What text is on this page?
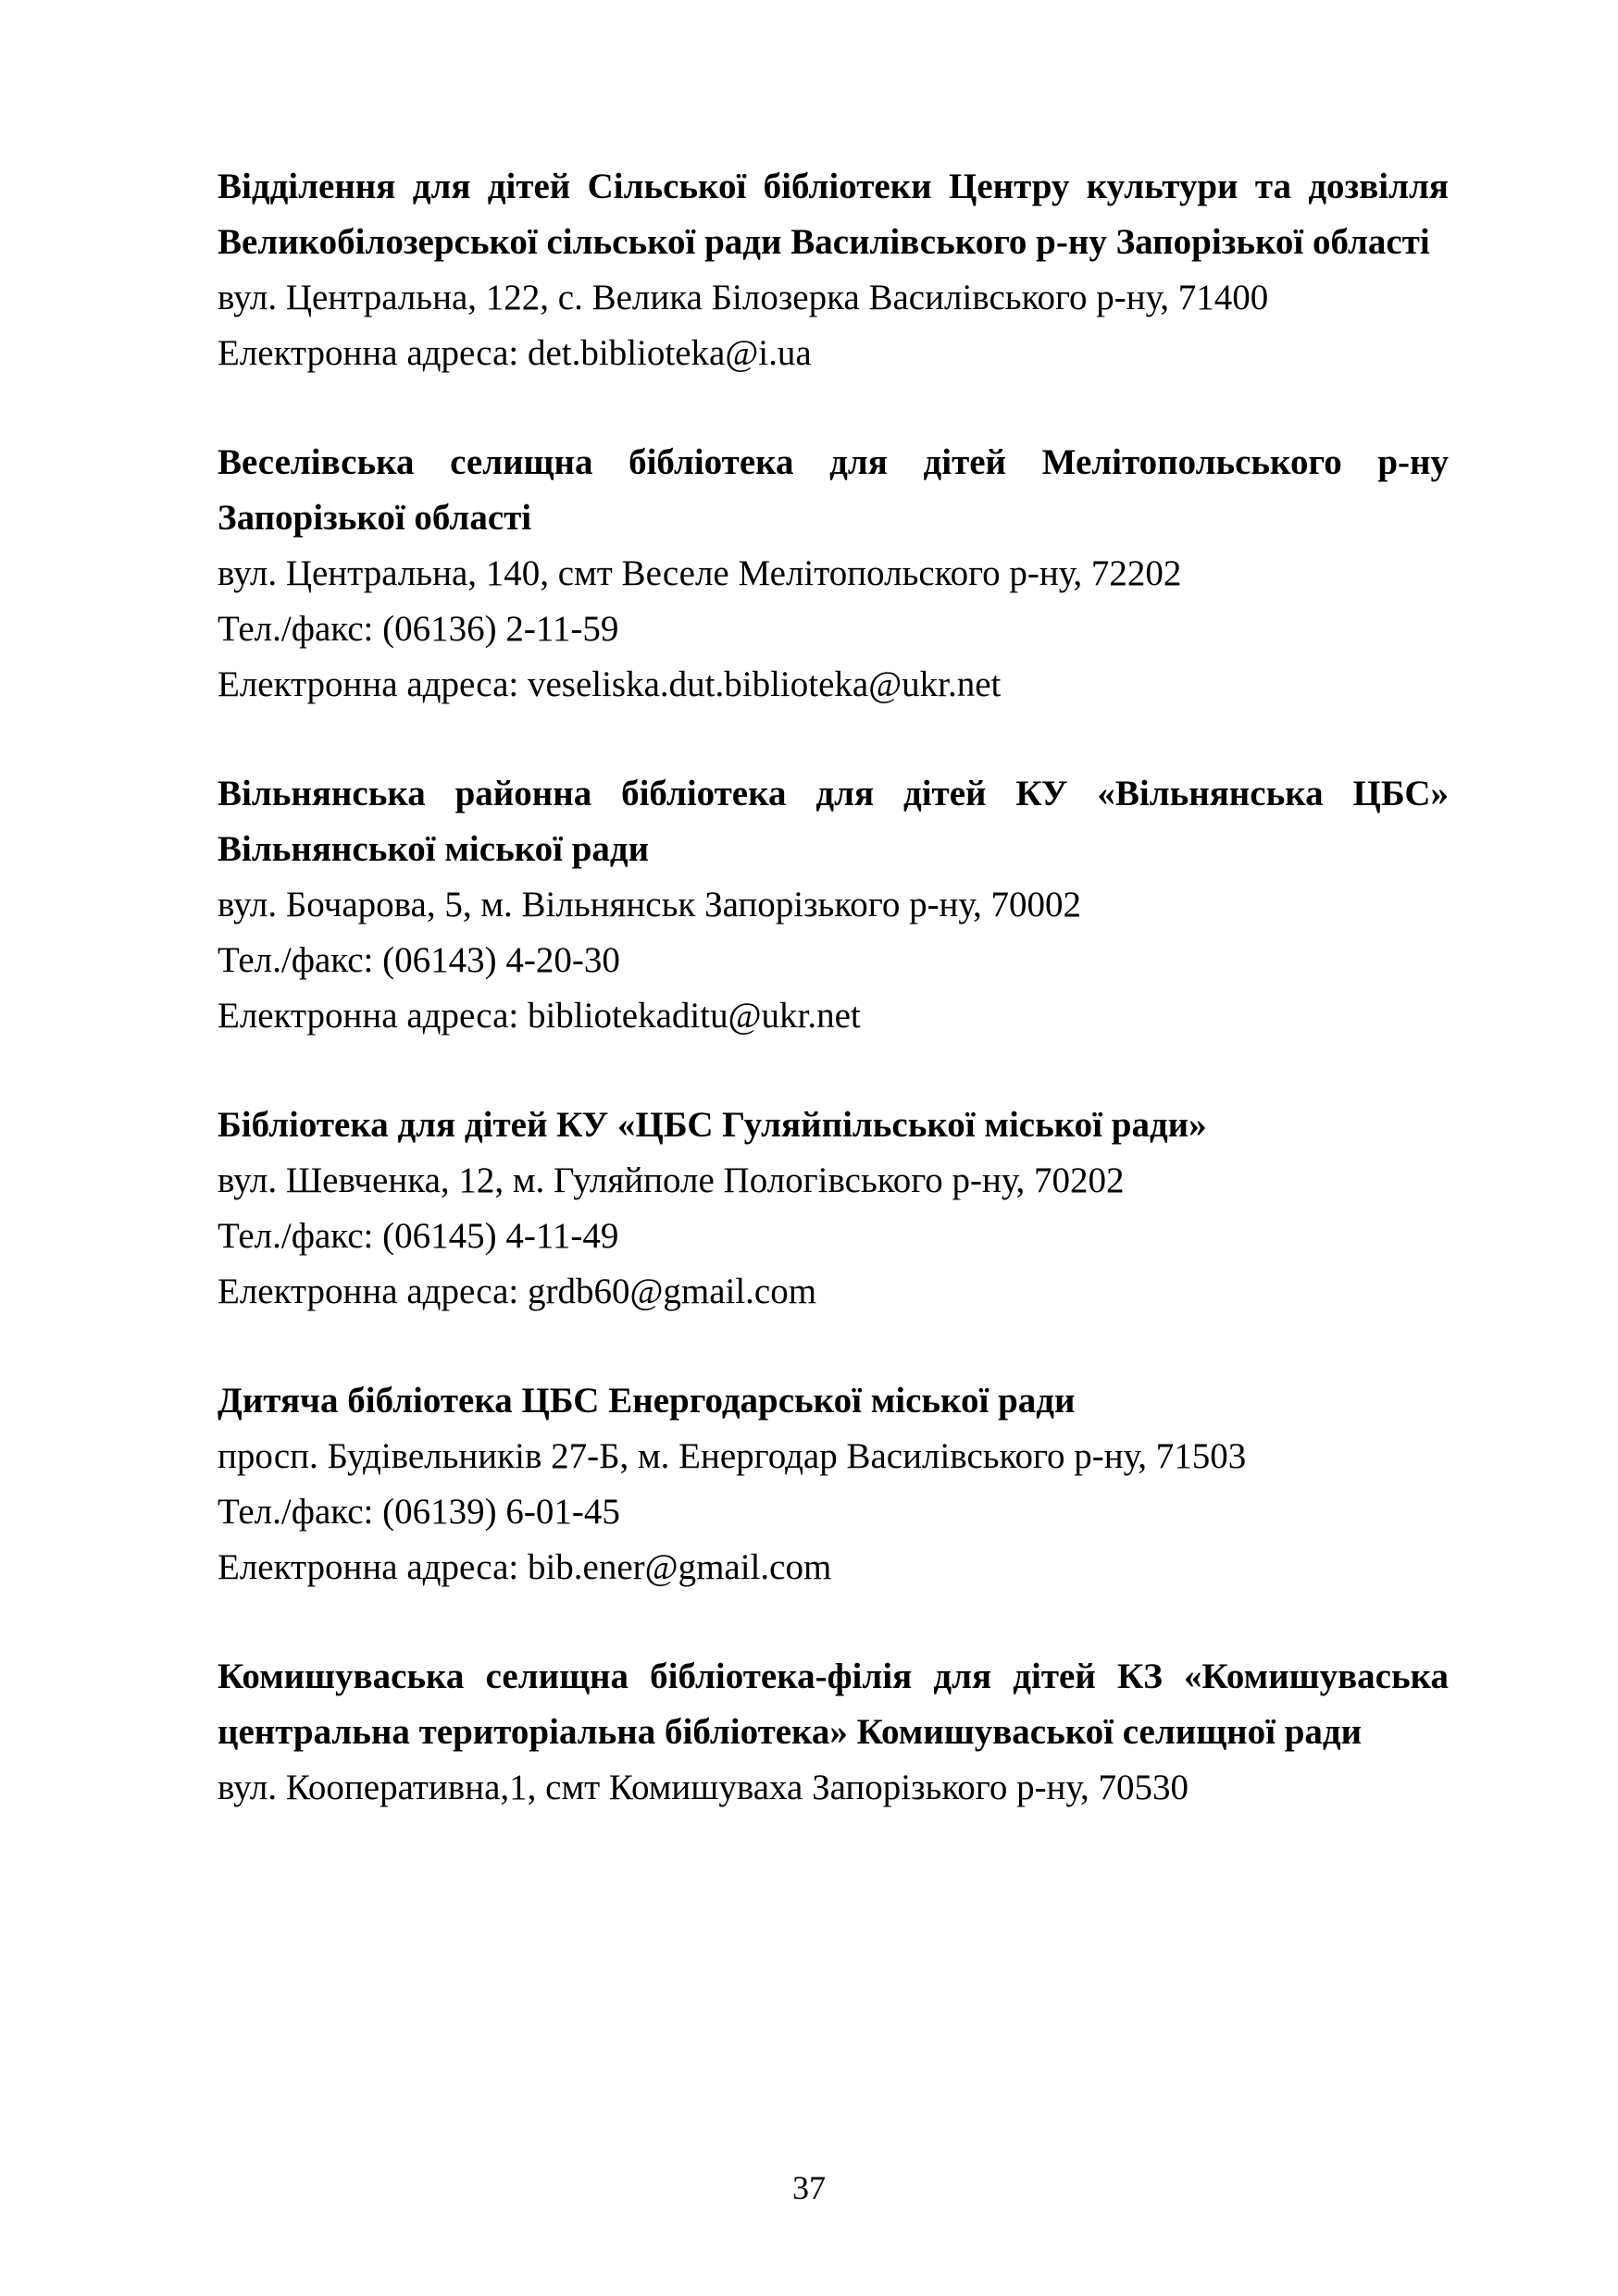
Відділення для дітей Сільської бібліотеки Центру культури та дозвілля Великобілозерської сільської ради Василівського р-ну Запорізької області
вул. Центральна, 122, с. Велика Білозерка Василівського р-ну, 71400
Електронна адреса: det.biblioteka@i.ua
Веселівська селищна бібліотека для дітей Мелітопольського р-ну Запорізької області
вул. Центральна, 140, смт Веселе Мелітопольского р-ну, 72202
Тел./факс: (06136) 2-11-59
Електронна адреса: veseliska.dut.biblioteka@ukr.net
Вільнянська районна бібліотека для дітей КУ «Вільнянська ЦБС» Вільнянської міської ради
вул. Бочарова, 5, м. Вільнянськ Запорізького р-ну, 70002
Тел./факс: (06143) 4-20-30
Електронна адреса: bibliotekaditu@ukr.net
Бібліотека для дітей КУ «ЦБС Гуляйпільської міської ради»
вул. Шевченка, 12, м. Гуляйполе Пологівського р-ну, 70202
Тел./факс: (06145) 4-11-49
Електронна адреса: grdb60@gmail.com
Дитяча бібліотека ЦБС Енергодарської міської ради
просп. Будівельників 27-Б, м. Енергодар Василівського р-ну, 71503
Тел./факс: (06139) 6-01-45
Електронна адреса: bib.ener@gmail.com
Комишуваська селищна бібліотека-філія для дітей КЗ «Комишуваська центральна територіальна бібліотека» Комишуваської селищної ради
вул. Кооперативна,1, смт Комишуваха Запорізького р-ну, 70530
37
